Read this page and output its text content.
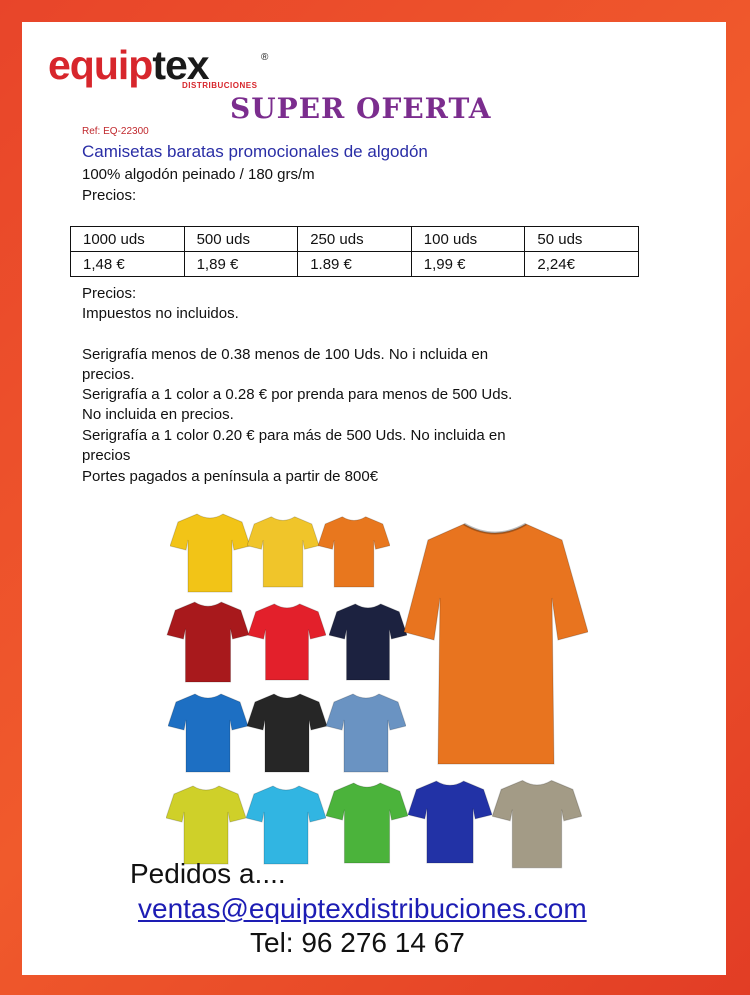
equiptex	®
DISTRIBUCIONES
SUPER OFERTA
Ref: EQ-22300
Camisetas baratas promocionales de algodón
100% algodón peinado / 180 grs/m
Precios:
1000 uds	500 uds	250 uds	100 uds	50 uds
1,48 €	1,89 €	1.89 €	1,99 €	2,24€
Precios:
Impuestos no incluidos.
Serigrafía menos de 0.38 menos de 100 Uds. No i ncluida en
precios.
Serigrafía a 1 color a 0.28 € por prenda para menos de 500 Uds.
No incluida en precios.
Serigrafía a 1 color 0.20 € para más de 500 Uds. No incluida en
precios
Portes pagados a península a partir de 800€
Pedidos a....
ventas@equiptexdistribuciones.com
Tel: 96 276 14 67
